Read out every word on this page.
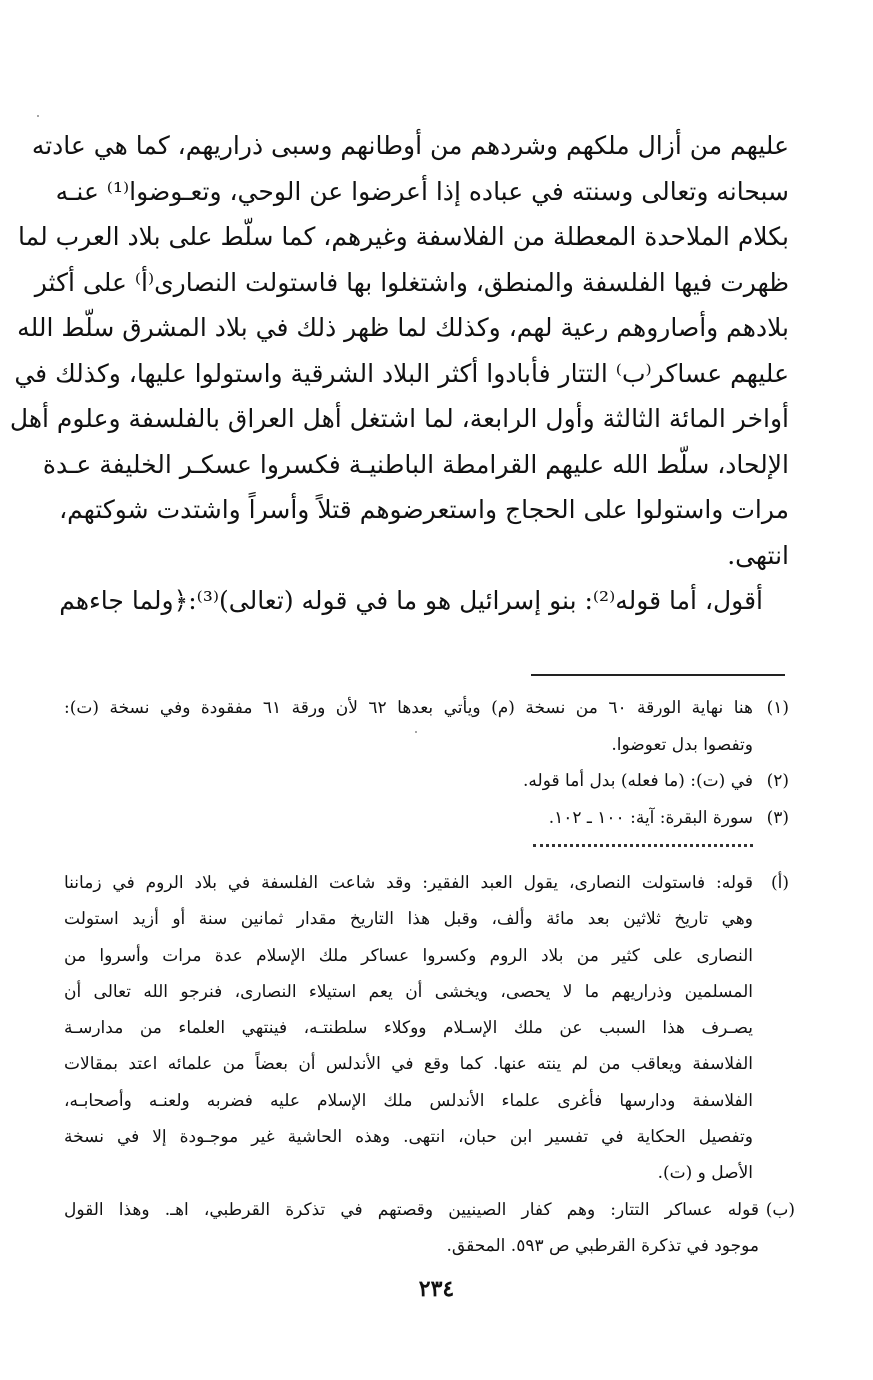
عليهم من أزال ملكهم وشردهم من أوطانهم وسبى ذراريهم، كما هي عادته
سبحانه وتعالى وسنته في عباده إذا أعرضوا عن الوحي، وتعـوضوا⁽¹⁾ عنـه
بكلام الملاحدة المعطلة من الفلاسفة وغيرهم، كما سلّط على بلاد العرب لما
ظهرت فيها الفلسفة والمنطق، واشتغلوا بها فاستولت النصارى⁽أ⁾ على أكثر
بلادهم وأصاروهم رعية لهم، وكذلك لما ظهر ذلك في بلاد المشرق سلّط الله
عليهم عساكر⁽ب⁾ التتار فأبادوا أكثر البلاد الشرقية واستولوا عليها، وكذلك في
أواخر المائة الثالثة وأول الرابعة، لما اشتغل أهل العراق بالفلسفة وعلوم أهل
الإلحاد، سلّط الله عليهم القرامطة الباطنيـة فكسروا عسكـر الخليفة عـدة
مرات واستولوا على الحجاج واستعرضوهم قتلاً وأسراً واشتدت شوكتهم،
انتهى.
أقول، أما قوله⁽²⁾: بنو إسرائيل هو ما في قوله (تعالى)⁽³⁾:﴿ولما جاءهم
(١)
هنا نهاية الورقة ٦٠ من نسخة (م) ويأتي بعدها ٦٢ لأن ورقة ٦١ مفقودة وفي نسخة (ت):
وتفصوا بدل تعوضوا.
(٢)
في (ت): (ما فعله) بدل أما قوله.
(٣)
سورة البقرة: آية: ١٠٠ ـ ١٠٢.
(أ)
قوله: فاستولت النصارى، يقول العبد الفقير: وقد شاعت الفلسفة في بلاد الروم في زماننا
وهي تاريخ ثلاثين بعد مائة وألف، وقبل هذا التاريخ مقدار ثمانين سنة أو أزيد استولت
النصارى على كثير من بلاد الروم وكسروا عساكر ملك الإسلام عدة مرات وأسروا من
المسلمين وذراريهم ما لا يحصى، ويخشى أن يعم استيلاء النصارى، فنرجو الله تعالى أن
يصـرف هذا السبب عن ملك الإسـلام ووكلاء سلطنتـه، فينتهي العلماء من مدارسـة
الفلاسفة ويعاقب من لم ينته عنها. كما وقع في الأندلس أن بعضاً من علمائه اعتد بمقالات
الفلاسفة ودارسها فأغرى علماء الأندلس ملك الإسلام عليه فضربه ولعنـه وأصحابـه،
وتفصيل الحكاية في تفسير ابن حبان، انتهى. وهذه الحاشية غير موجـودة إلا في نسخة
الأصل و (ت).
(ب)
قوله عساكر التتار: وهم كفار الصينيين وقصتهم في تذكرة القرطبي، اهـ. وهذا القول
موجود في تذكرة القرطبي ص ٥٩٣. المحقق.
٢٣٤
